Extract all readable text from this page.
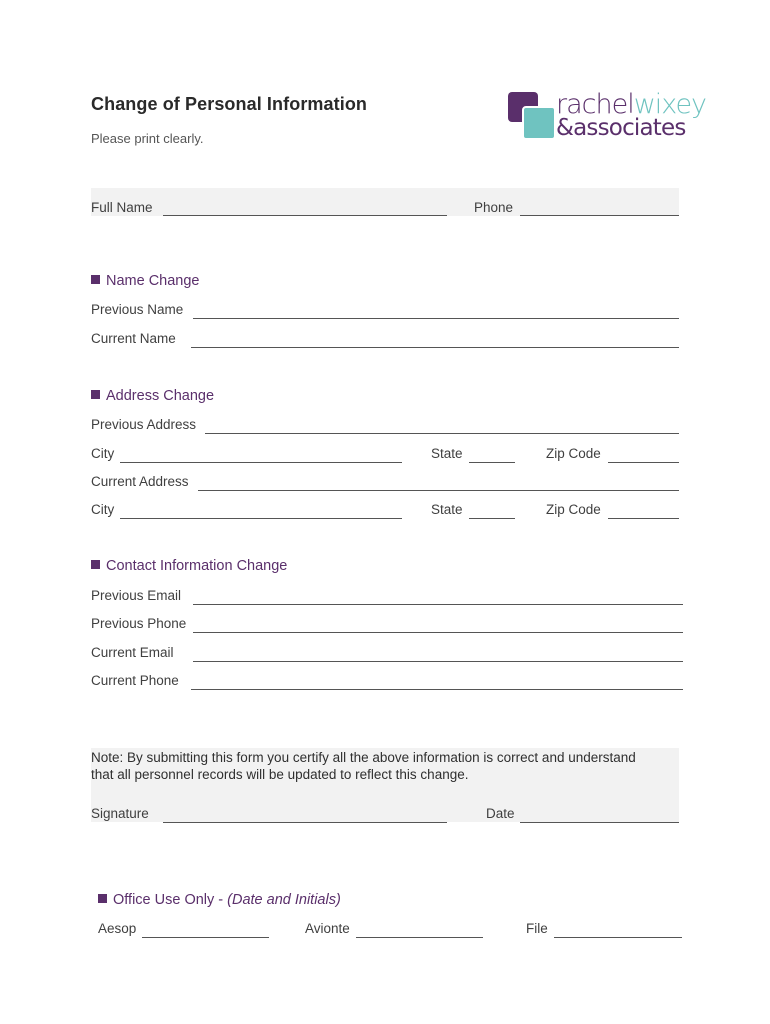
Change of Personal Information
Please print clearly.
rachelwixey
&associates
Full Name	Phone
Name Change
Previous Name
Current Name
Address Change
Previous Address
City	State	Zip Code
Current Address
City	State	Zip Code
Contact Information Change
Previous Email
Previous Phone
Current Email
Current Phone
Note: By submitting this form you certify all the above information is correct and understand
that all personnel records will be updated to reflect this change.
Signature	Date
Office Use Only - (Date and Initials)
Aesop	Avionte	File
